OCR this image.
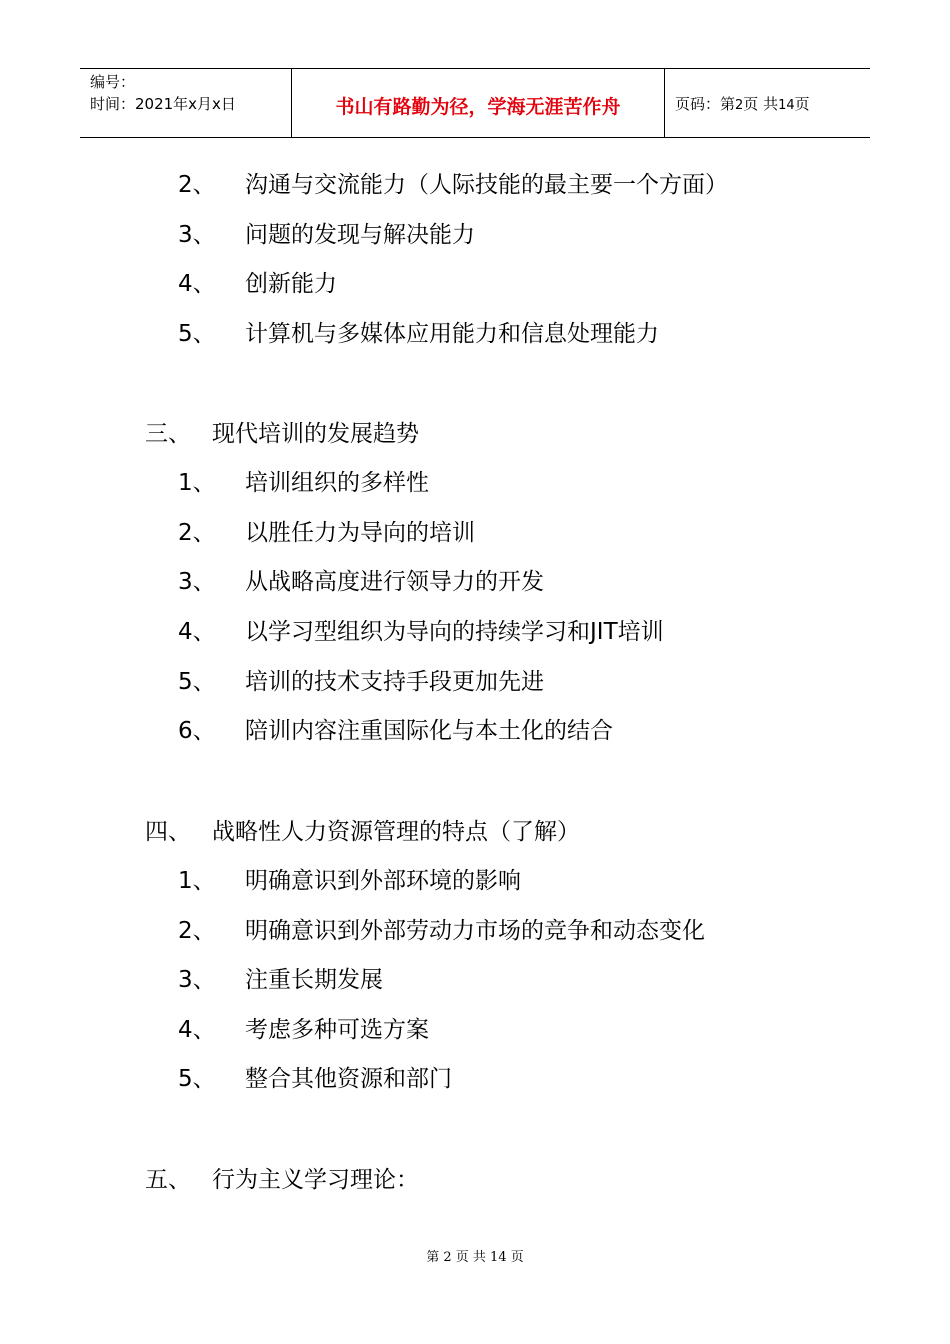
编号：
时间：2021年x月x日	书山有路勤为径，学海无涯苦作舟	页码：第2页 共14页
2、 沟通与交流能力（人际技能的最主要一个方面）
3、 问题的发现与解决能力
4、 创新能力
5、 计算机与多媒体应用能力和信息处理能力
三、 现代培训的发展趋势
1、 培训组织的多样性
2、 以胜任力为导向的培训
3、 从战略高度进行领导力的开发
4、 以学习型组织为导向的持续学习和JIT培训
5、 培训的技术支持手段更加先进
6、 陪训内容注重国际化与本土化的结合
四、 战略性人力资源管理的特点（了解）
1、 明确意识到外部环境的影响
2、 明确意识到外部劳动力市场的竞争和动态变化
3、 注重长期发展
4、 考虑多种可选方案
5、 整合其他资源和部门
五、 行为主义学习理论：
第 2 页 共 14 页
